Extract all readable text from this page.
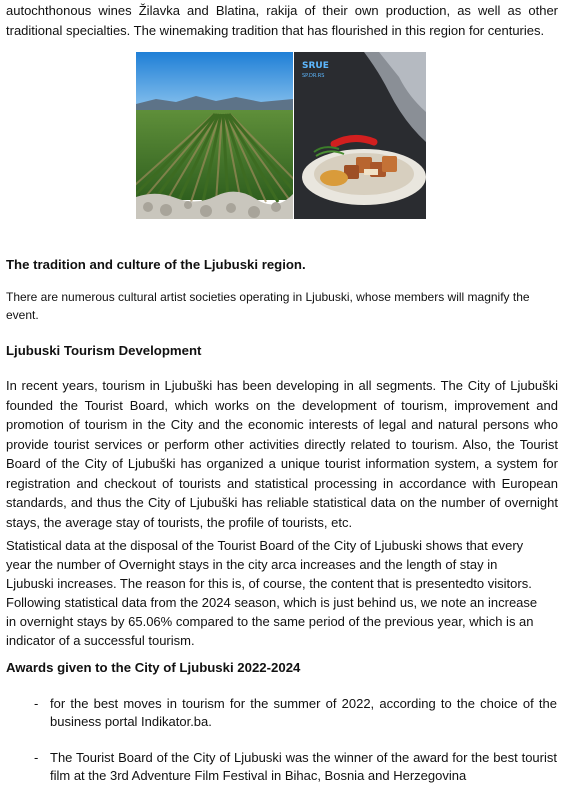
autochthonous wines Žilavka and Blatina, rakija of their own production, as well as other traditional specialties. The winemaking tradition that has flourished in this region for centuries.

SRUE
SP.DR.RS

The tradition and culture of the Ljubuski region.

There are numerous cultural artist societies operating in Ljubuski, whose members will magnify the event.

Ljubuski Tourism Development

In recent years, tourism in Ljubuški has been developing in all segments. The City of Ljubuški founded the Tourist Board, which works on the development of tourism, improvement and promotion of tourism in the City and the economic interests of legal and natural persons who provide tourist services or perform other activities directly related to tourism. Also, the Tourist Board of the City of Ljubuški has organized a unique tourist information system, a system for registration and checkout of tourists and statistical processing in accordance with European standards, and thus the City of Ljubuški has reliable statistical data on the number of overnight stays, the average stay of tourists, the profile of tourists, etc.

Statistical data at the disposal of the Tourist Board of the City of Ljubuski shows that every

year the number of Overnight stays in the city arca increases and the length of stay in

Ljubuski increases. The reason for this is, of course, the content that is presentedto visitors.

Following statistical data from the 2024 season, which is just behind us, we note an increase

in overnight stays by 65.06% compared to the same period of the previous year, which is an

indicator of a successful tourism.

Awards given to the City of Ljubuski 2022-2024

- for the best moves in tourism for the summer of 2022, according to the choice of the business portal Indikator.ba.
- The Tourist Board of the City of Ljubuski was the winner of the award for the best tourist film at the 3rd Adventure Film Festival in Bihac, Bosnia and Herzegovina
